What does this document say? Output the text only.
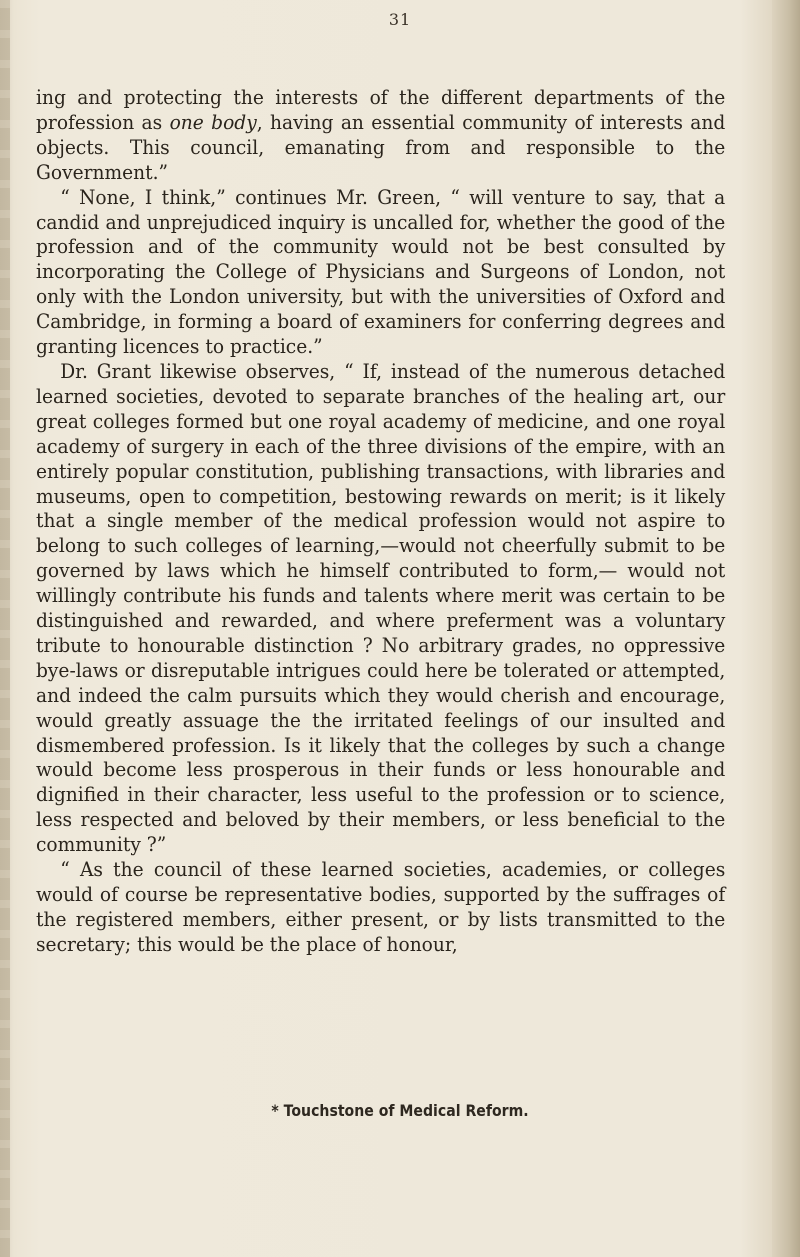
31

ing and protecting the interests of the different departments of the profession as one body, having an essential community of interests and objects. This council, emanating from and responsible to the Government.”

“ None, I think,” continues Mr. Green, “ will venture to say, that a candid and unprejudiced inquiry is uncalled for, whether the good of the profession and of the community would not be best consulted by incorporating the College of Physicians and Surgeons of London, not only with the London university, but with the universities of Oxford and Cambridge, in forming a board of examiners for conferring degrees and granting licences to practice.”

Dr. Grant likewise observes, “ If, instead of the numerous detached learned societies, devoted to separate branches of the healing art, our great colleges formed but one royal academy of medicine, and one royal academy of surgery in each of the three divisions of the empire, with an entirely popular constitution, publishing transactions, with libraries and museums, open to competition, bestowing rewards on merit; is it likely that a single member of the medical profession would not aspire to belong to such colleges of learning,—would not cheerfully submit to be governed by laws which he himself contributed to form,— would not willingly contribute his funds and talents where merit was certain to be distinguished and rewarded, and where preferment was a voluntary tribute to honourable distinction ? No arbitrary grades, no oppressive bye-laws or disreputable intrigues could here be tolerated or attempted, and indeed the calm pursuits which they would cherish and encourage, would greatly assuage the the irritated feelings of our insulted and dismembered profession. Is it likely that the colleges by such a change would become less prosperous in their funds or less honourable and dignified in their character, less useful to the profession or to science, less respected and beloved by their members, or less beneficial to the community ?”

“ As the council of these learned societies, academies, or colleges would of course be representative bodies, supported by the suffrages of the registered members, either present, or by lists transmitted to the secretary; this would be the place of honour,

* Touchstone of Medical Reform.
